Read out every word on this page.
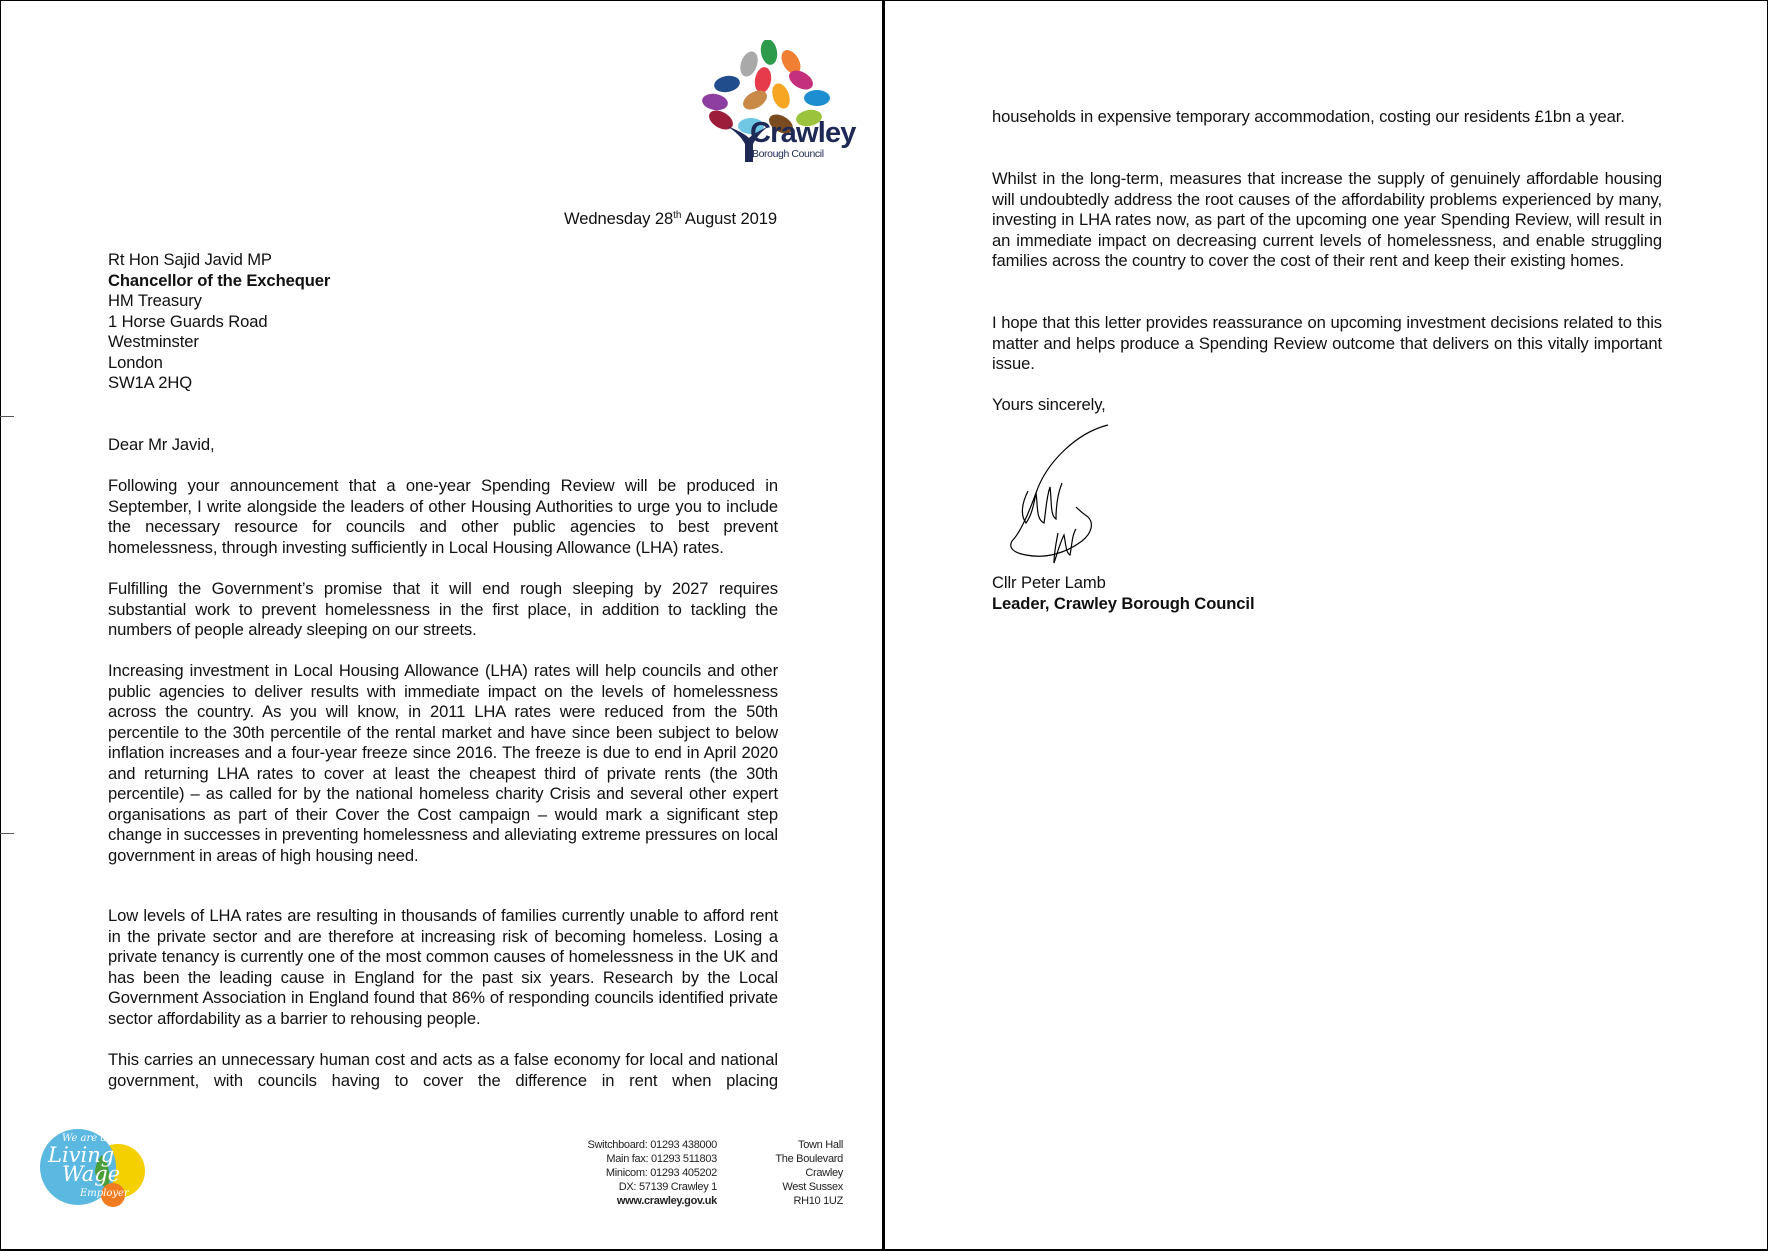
Crawley
Borough Council
Wednesday 28th August 2019
Rt Hon Sajid Javid MP
Chancellor of the Exchequer
HM Treasury
1 Horse Guards Road
Westminster
London
SW1A 2HQ

Dear Mr Javid,

Following your announcement that a one-year Spending Review will be produced in September, I write alongside the leaders of other Housing Authorities to urge you to include the necessary resource for councils and other public agencies to best prevent homelessness, through investing sufficiently in Local Housing Allowance (LHA) rates.

Fulfilling the Government’s promise that it will end rough sleeping by 2027 requires substantial work to prevent homelessness in the first place, in addition to tackling the numbers of people already sleeping on our streets.

Increasing investment in Local Housing Allowance (LHA) rates will help councils and other public agencies to deliver results with immediate impact on the levels of homelessness across the country. As you will know, in 2011 LHA rates were reduced from the 50th percentile to the 30th percentile of the rental market and have since been subject to below inflation increases and a four-year freeze since 2016. The freeze is due to end in April 2020 and returning LHA rates to cover at least the cheapest third of private rents (the 30th percentile) – as called for by the national homeless charity Crisis and several other expert organisations as part of their Cover the Cost campaign – would mark a significant step change in successes in preventing homelessness and alleviating extreme pressures on local government in areas of high housing need.

Low levels of LHA rates are resulting in thousands of families currently unable to afford rent in the private sector and are therefore at increasing risk of becoming homeless. Losing a private tenancy is currently one of the most common causes of homelessness in the UK and has been the leading cause in England for the past six years. Research by the Local Government Association in England found that 86% of responding councils identified private sector affordability as a barrier to rehousing people.

This carries an unnecessary human cost and acts as a false economy for local and national government, with councils having to cover the difference in rent when placing

We are a
Living
Wage
Employer
Switchboard: 01293 438000
Main fax: 01293 511803
Minicom: 01293 405202
DX: 57139 Crawley 1
www.crawley.gov.uk
Town Hall
The Boulevard
Crawley
West Sussex
RH10 1UZ

households in expensive temporary accommodation, costing our residents £1bn a year.

Whilst in the long-term, measures that increase the supply of genuinely affordable housing will undoubtedly address the root causes of the affordability problems experienced by many, investing in LHA rates now, as part of the upcoming one year Spending Review, will result in an immediate impact on decreasing current levels of homelessness, and enable struggling families across the country to cover the cost of their rent and keep their existing homes.

I hope that this letter provides reassurance on upcoming investment decisions related to this matter and helps produce a Spending Review outcome that delivers on this vitally important issue.

Yours sincerely,

Cllr Peter Lamb
Leader, Crawley Borough Council
